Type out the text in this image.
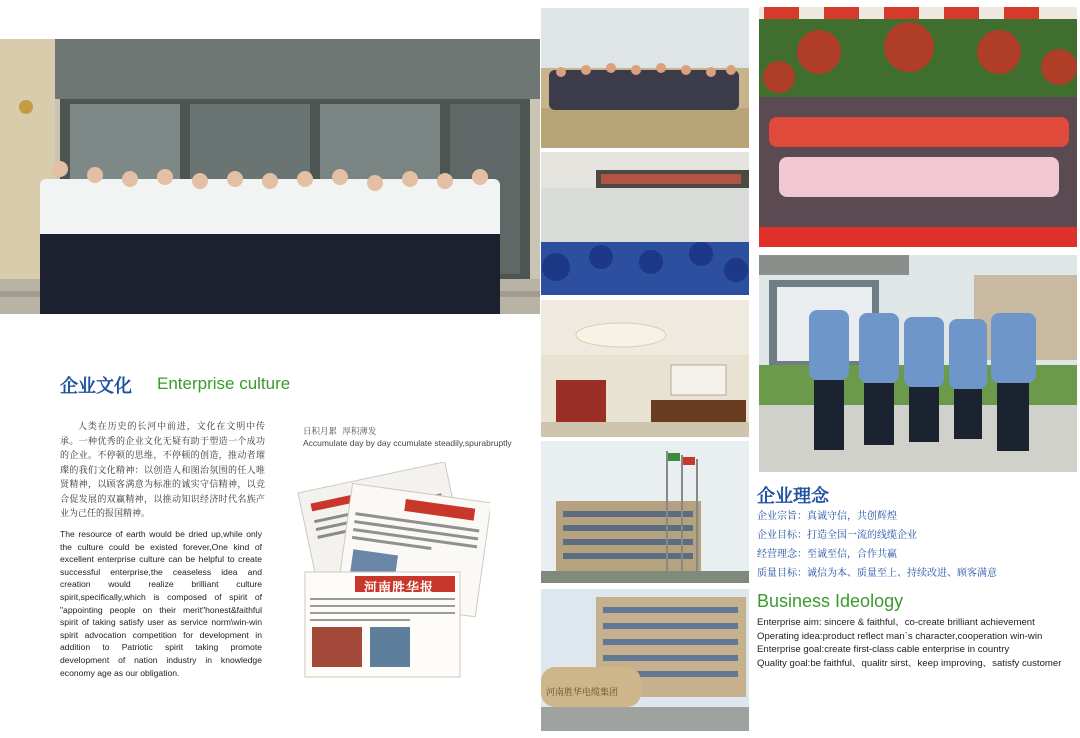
企业文化 Enterprise culture
人类在历史的长河中前进，文化在文明中传承。一种优秀的企业文化无疑有助于塑造一个成功的企业。不停顿的思维，不停顿的创造，推动者璀璨的我们文化精神：以创造人和图治氛围的任人唯贤精神，以顾客满意为标准的诚实守信精神，以竞合促发展的双赢精神，以推动知识经济时代名族产业为己任的报国精神。
The resource of earth would be dried up,while only the culture could be existed forever,One kind of excellent enterprise culture can be helpful to create successful enterprise,the ceaseless idea and creation would realize brilliant culture spirit,specifically,which is composed of spirit of "appointing people on their merit"honest&faithful spirit of taking satisfy user as service norm\win-win spirit advocation competition for development in addition to Patriotic spirit taking promote development of nation industry in knowledge economy age as our obligation.
日积月累  厚积薄发
Accumulate day by day ccumulate steadily,spurabruptly
河南胜华报
河南胜华电缆集团
企业理念
企业宗旨：真诚守信，共创辉煌
企业目标：打造全国一流的线缆企业
经营理念：至诚至信，合作共赢
质量目标：诚信为本、质量至上、持续改进、顾客满意
Business Ideology
Enterprise aim: sincere & faithful、co-create brilliant achievement
Operating idea:product reflect man`s character,cooperation win-win
Enterprise goal:create first-class cable enterprise in country
Quality goal:be faithful、qualitr sirst、keep improving、satisfy customer
